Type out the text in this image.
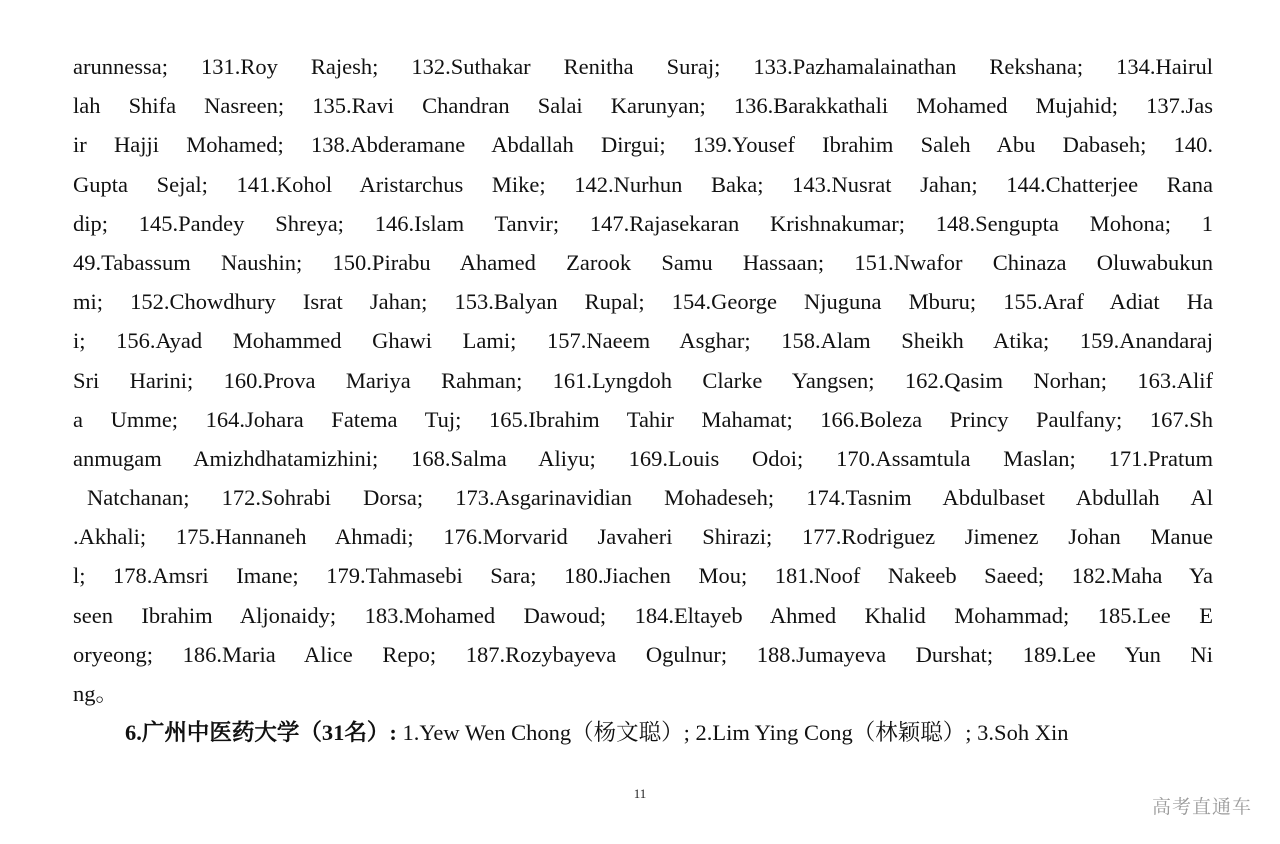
arunnessa; 131.Roy Rajesh; 132.Suthakar Renitha Suraj; 133.Pazhamalainathan Rekshana; 134.Hairul
lah Shifa Nasreen; 135.Ravi Chandran Salai Karunyan; 136.Barakkathali Mohamed Mujahid; 137.Jas
ir Hajji Mohamed; 138.Abderamane Abdallah Dirgui; 139.Yousef Ibrahim Saleh Abu Dabaseh; 140.
Gupta Sejal; 141.Kohol Aristarchus Mike; 142.Nurhun Baka; 143.Nusrat Jahan; 144.Chatterjee Rana
dip; 145.Pandey Shreya; 146.Islam Tanvir; 147.Rajasekaran Krishnakumar; 148.Sengupta Mohona; 1
49.Tabassum Naushin; 150.Pirabu Ahamed Zarook Samu Hassaan; 151.Nwafor Chinaza Oluwabukun
mi; 152.Chowdhury Israt Jahan; 153.Balyan Rupal; 154.George Njuguna Mburu; 155.Araf Adiat Ha
i; 156.Ayad Mohammed Ghawi Lami; 157.Naeem Asghar; 158.Alam Sheikh Atika; 159.Anandaraj
Sri Harini; 160.Prova Mariya Rahman; 161.Lyngdoh Clarke Yangsen; 162.Qasim Norhan; 163.Alif
a Umme; 164.Johara Fatema Tuj; 165.Ibrahim Tahir Mahamat; 166.Boleza Princy Paulfany; 167.Sh
anmugam Amizhdhatamizhini; 168.Salma Aliyu; 169.Louis Odoi; 170.Assamtula Maslan; 171.Pratum
Natchanan; 172.Sohrabi Dorsa; 173.Asgarinavidian Mohadeseh; 174.Tasnim Abdulbaset Abdullah Al
.Akhali; 175.Hannaneh Ahmadi; 176.Morvarid Javaheri Shirazi; 177.Rodriguez Jimenez Johan Manue
l; 178.Amsri Imane; 179.Tahmasebi Sara; 180.Jiachen Mou; 181.Noof Nakeeb Saeed; 182.Maha Ya
seen Ibrahim Aljonaidy; 183.Mohamed Dawoud; 184.Eltayeb Ahmed Khalid Mohammad; 185.Lee E
oryeong; 186.Maria Alice Repo; 187.Rozybayeva Ogulnur; 188.Jumayeva Durshat; 189.Lee Yun Ni
ng。
6.广州中医药大学（31名）: 1.Yew Wen Chong（杨文聪）; 2.Lim Ying Cong（林颖聪）; 3.Soh Xin
11
高考直通车
